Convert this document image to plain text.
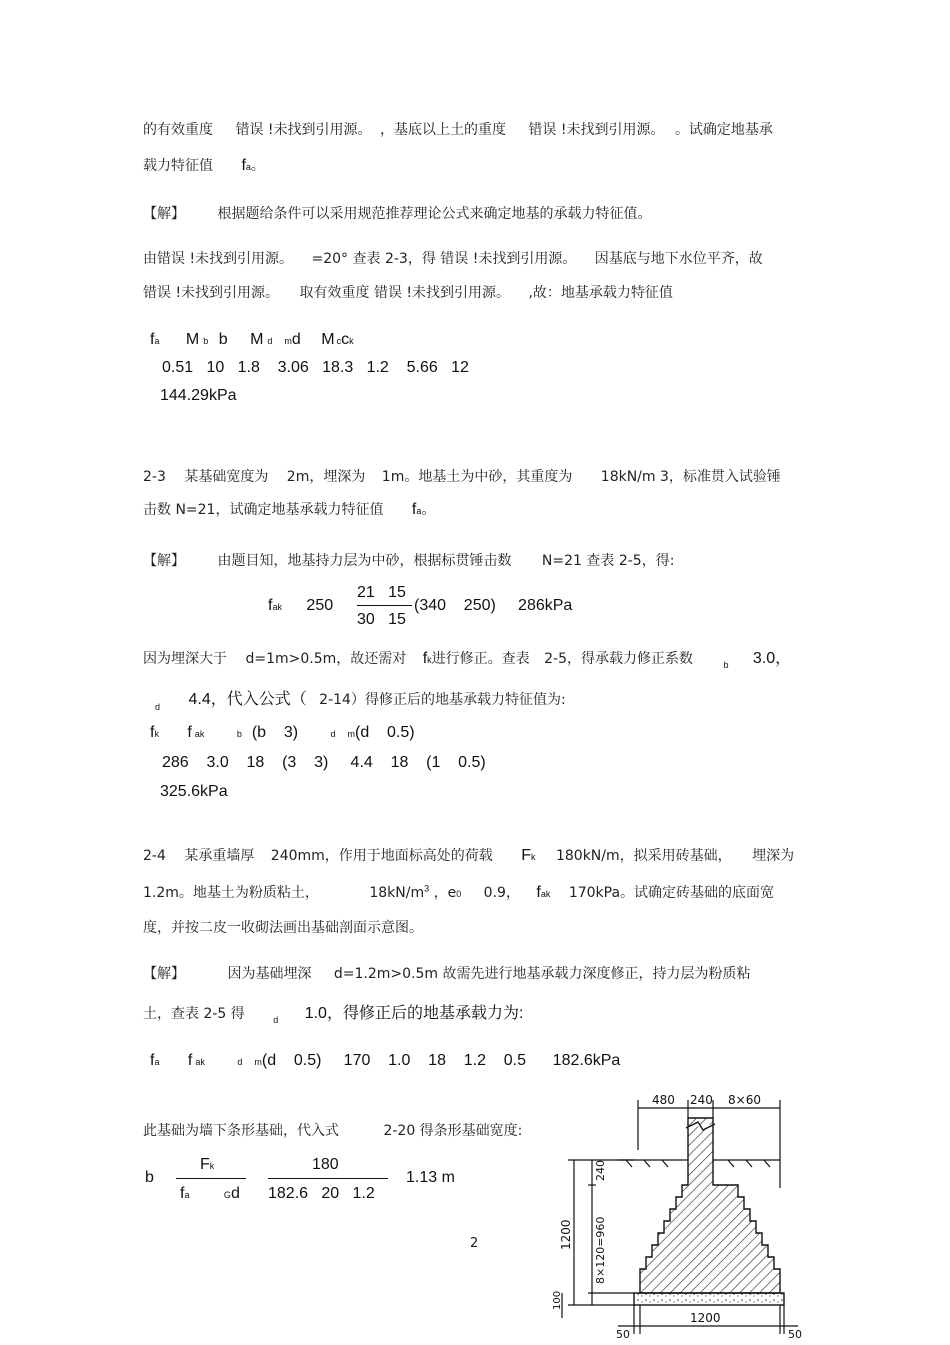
的有效重度 错误 !未找到引用源。 ，基底以上土的重度 错误 !未找到引用源。 。试确定地基承
载力特征值 fa。
【解】 根据题给条件可以采用规范推荐理论公式来确定地基的承载力特征值。
由错误 !未找到引用源。 =20° 查表 2-3，得 错误 !未找到引用源。 因基底与地下水位平齐，故
错误 !未找到引用源。 取有效重度 错误 !未找到引用源。 ,故：地基承载力特征值
fa M b b M d md M cck
0.51   10   1.8    3.06   18.3   1.2    5.66   12
144.29kPa
2-3 某基础宽度为 2m，埋深为 1m。地基土为中砂，其重度为 18kN/m 3，标准贯入试验锤
击数 N=21，试确定地基承载力特征值 fa。
【解】 由题目知，地基持力层为中砂，根据标贯锤击数 N=21 查表 2-5，得:
fak 250
21   15
30   15
(340    250)     286kPa
因为埋深大于 d=1m>0.5m，故还需对 fk进行修正。查表 2-5，得承载力修正系数	$_b$ 3.0，
$_d$ 4.4，代入公式（ 2-14）得修正后的地基承载力特征值为:
fk f ak	b (b    3)	d m(d    0.5)
286    3.0    18    (3    3)     4.4    18    (1    0.5)
325.6kPa
2-4 某承重墙厚 240mm，作用于地面标高处的荷载 Fk 180kN/m，拟采用砖基础， 埋深为
1.2m。地基土为粉质粘土，	$18kN/m^3$ ，e0 0.9， fak 170kPa。试确定砖基础的底面宽
度，并按二皮一收砌法画出基础剖面示意图。
【解】	因为基础埋深 d=1.2m>0.5m 故需先进行地基承载力深度修正，持力层为粉质粘
土，查表 2-5 得	$_d$ 1.0，得修正后的地基承载力为:
fa f ak	d m(d    0.5)     170    1.0    18    1.2    0.5      182.6kPa
此基础为墙下条形基础，代入式	2-20 得条形基础宽度:
b
Fk
fa	Gd
180
182.6   20   1.2
1.13 m
2
480 240 8×60
240
8×120=960
1200
100
50
1200
50
